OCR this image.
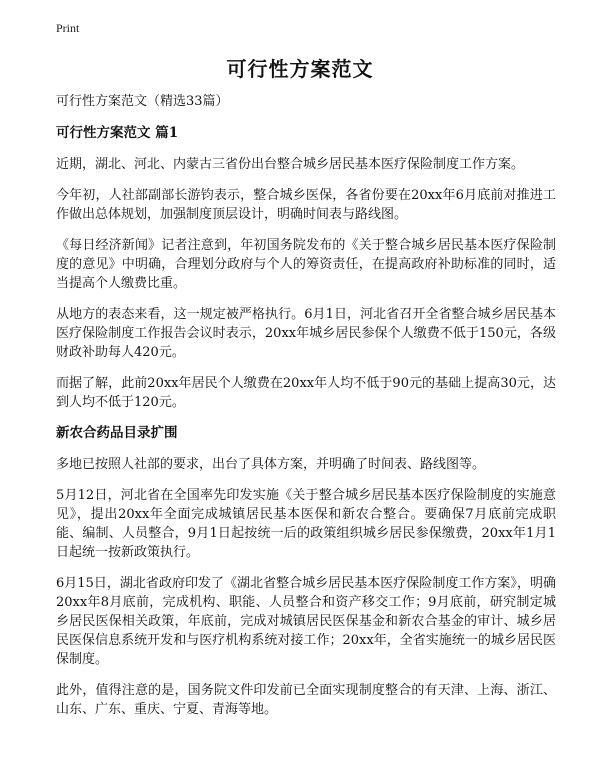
Print
可行性方案范文
可行性方案范文（精选33篇）
可行性方案范文 篇1

近期，湖北、河北、内蒙古三省份出台整合城乡居民基本医疗保险制度工作方案。

今年初，人社部副部长游钧表示，整合城乡医保，各省份要在20xx年6月底前对推进工作做出总体规划，加强制度顶层设计，明确时间表与路线图。

《每日经济新闻》记者注意到，年初国务院发布的《关于整合城乡居民基本医疗保险制度的意见》中明确，合理划分政府与个人的筹资责任，在提高政府补助标准的同时，适当提高个人缴费比重。

从地方的表态来看，这一规定被严格执行。6月1日，河北省召开全省整合城乡居民基本医疗保险制度工作报告会议时表示，20xx年城乡居民参保个人缴费不低于150元，各级财政补助每人420元。

而据了解，此前20xx年居民个人缴费在20xx年人均不低于90元的基础上提高30元，达到人均不低于120元。

新农合药品目录扩围

多地已按照人社部的要求，出台了具体方案，并明确了时间表、路线图等。

5月12日，河北省在全国率先印发实施《关于整合城乡居民基本医疗保险制度的实施意见》，提出20xx年全面完成城镇居民基本医保和新农合整合。要确保7月底前完成职能、编制、人员整合，9月1日起按统一后的政策组织城乡居民参保缴费，20xx年1月1日起统一按新政策执行。

6月15日，湖北省政府印发了《湖北省整合城乡居民基本医疗保险制度工作方案》，明确20xx年8月底前，完成机构、职能、人员整合和资产移交工作；9月底前，研究制定城乡居民医保相关政策，年底前，完成对城镇居民医保基金和新农合基金的审计、城乡居民医保信息系统开发和与医疗机构系统对接工作；20xx年，全省实施统一的城乡居民医保制度。

此外，值得注意的是，国务院文件印发前已全面实现制度整合的有天津、上海、浙江、山东、广东、重庆、宁夏、青海等地。
